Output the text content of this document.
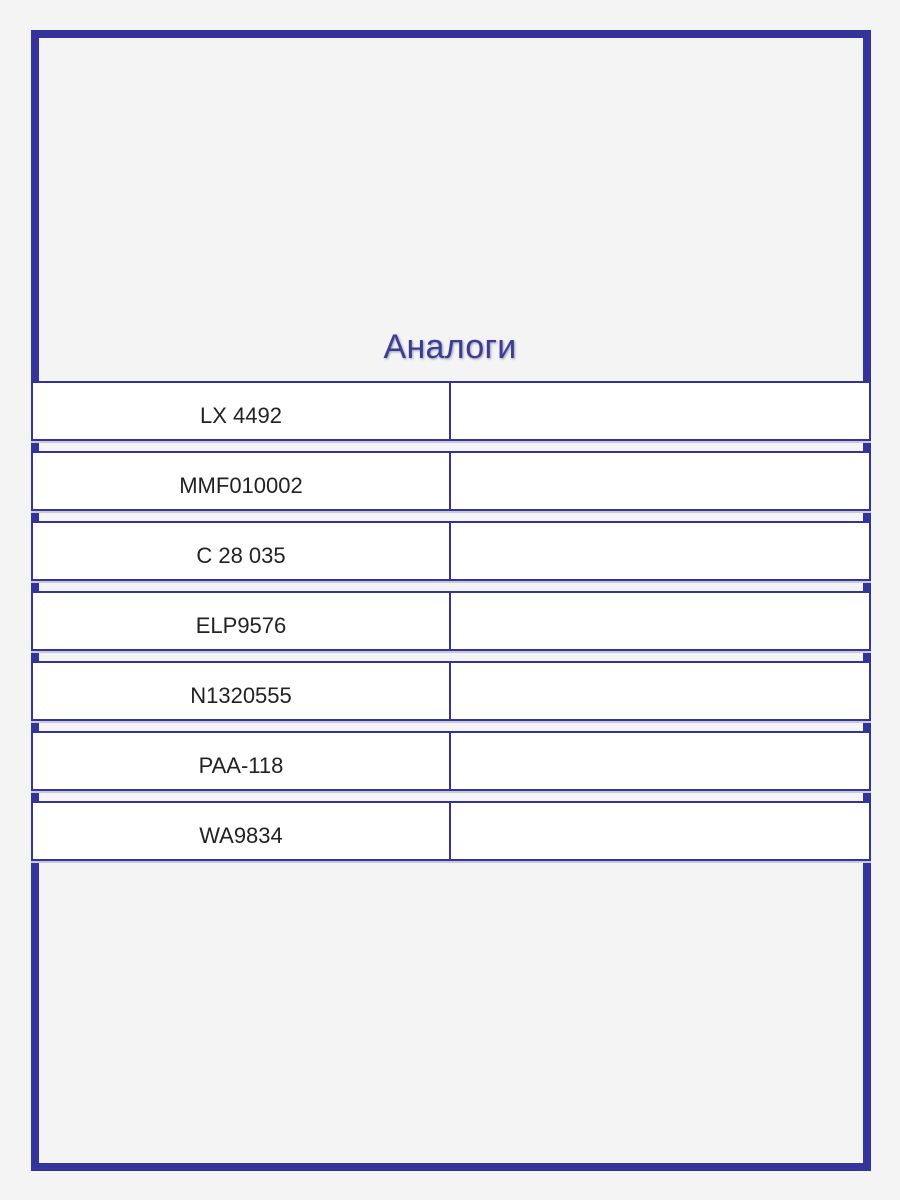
Аналоги
LX 4492
MMF010002
C 28 035
ELP9576
N1320555
PAA-118
WA9834
